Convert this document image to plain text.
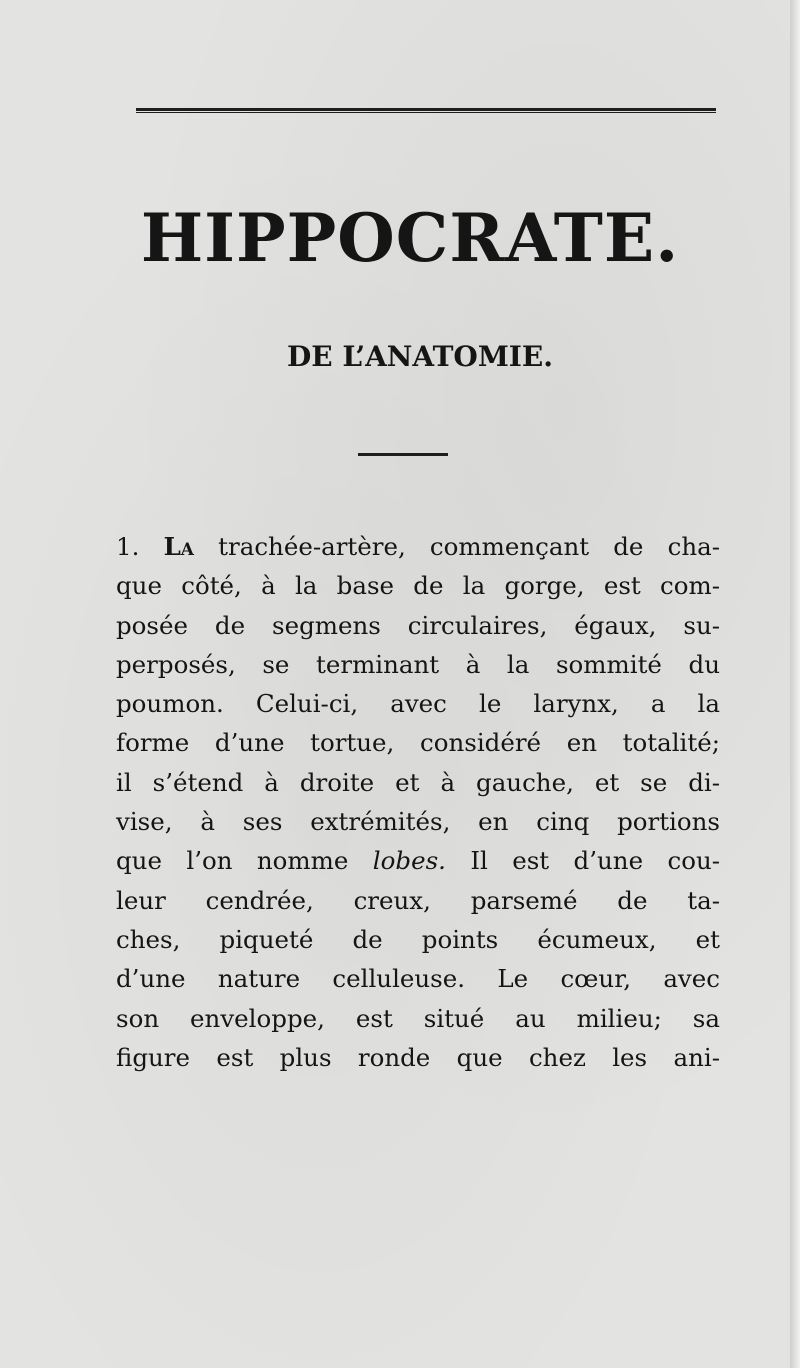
HIPPOCRATE.
DE L’ANATOMIE.
1. La trachée-artère, commençant de cha-
que côté, à la base de la gorge, est com-
posée de segmens circulaires, égaux, su-
perposés, se terminant à la sommité du
poumon. Celui-ci, avec le larynx, a la
forme d’une tortue, considéré en totalité;
il s’étend à droite et à gauche, et se di-
vise, à ses extrémités, en cinq portions
que l’on nomme lobes. Il est d’une cou-
leur cendrée, creux, parsemé de ta-
ches, piqueté de points écumeux, et
d’une nature celluleuse. Le cœur, avec
son enveloppe, est situé au milieu; sa
figure est plus ronde que chez les ani-
